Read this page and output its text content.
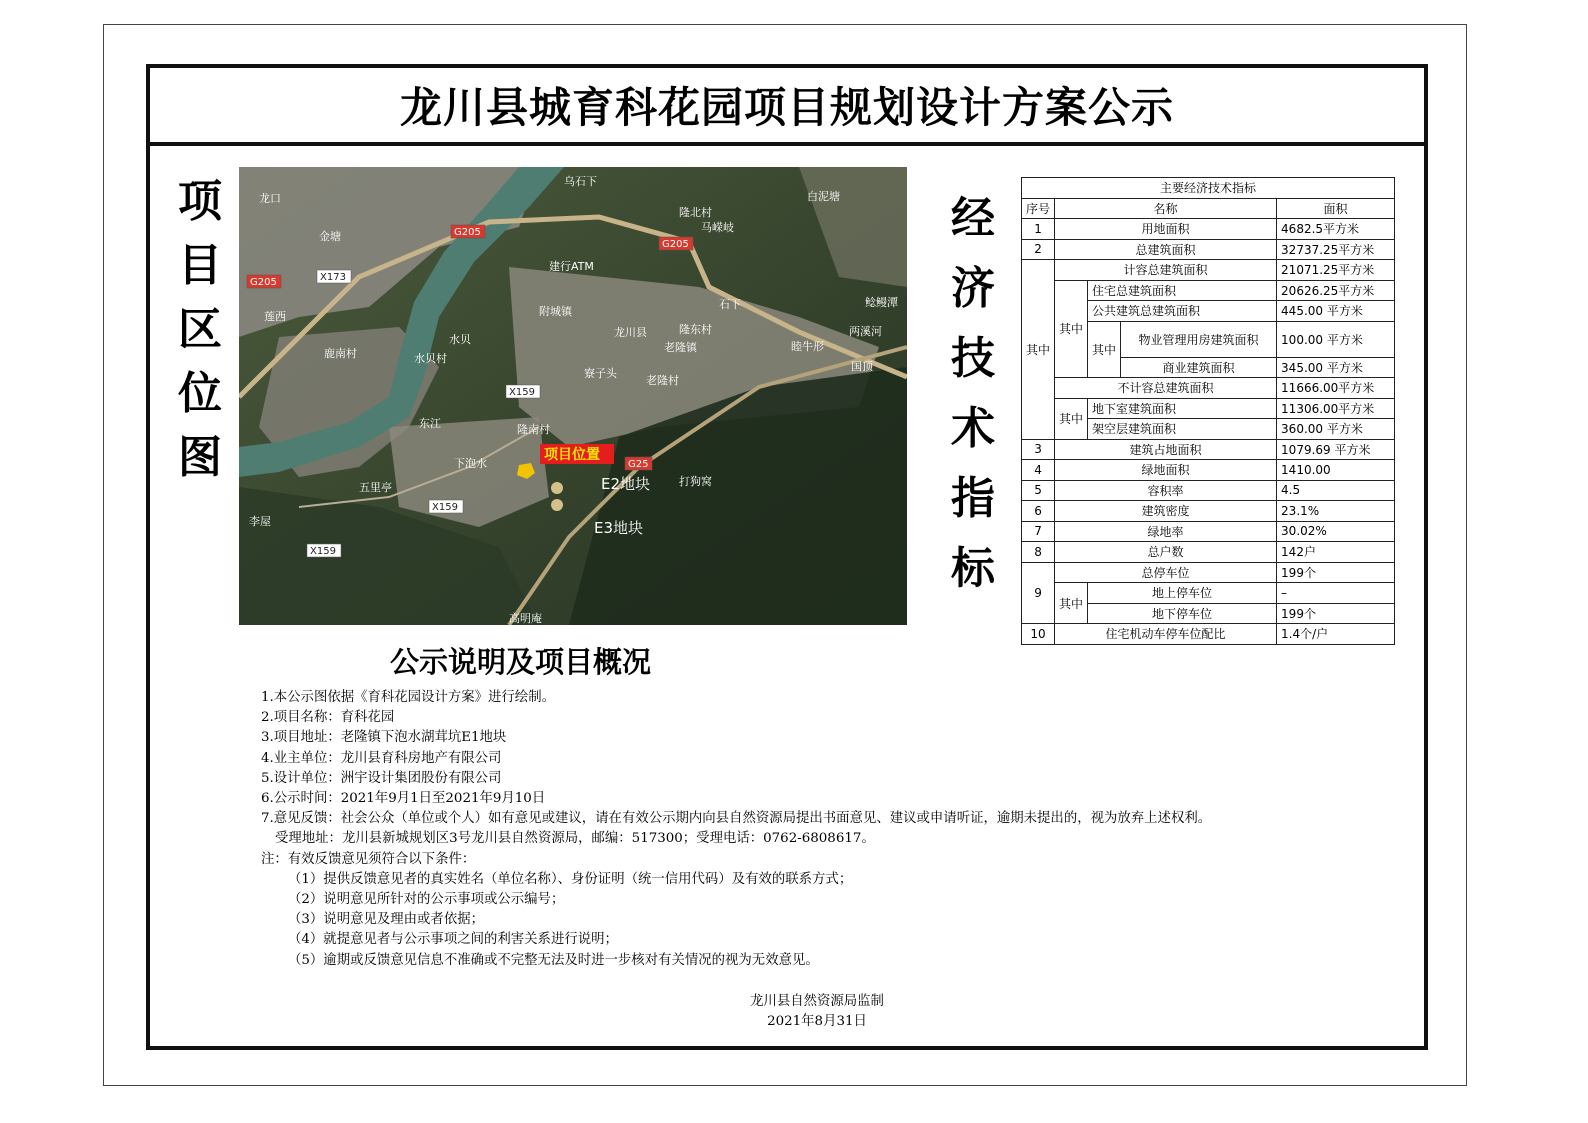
龙川县城育科花园项目规划设计方案公示
项
目
区
位
图
G205
G205
G205	X173
X159
X159
X159
G25
乌石下
龙口	白泥塘
隆北村
马嵘岐
金塘
建行ATM
石下	鲶鳗潭
莲西	附城镇
龙川县	隆东村	两溪河
水贝
老隆镇
鹿南村	水贝村
寮子头
老隆村
睦牛形
国顶
东江	隆南村
下泡水
五里亭	打狗窝
李屋
高明庵
E2地块
E3地块
项目位置
公示说明及项目概况
1.本公示图依据《育科花园设计方案》进行绘制。
2.项目名称：育科花园
3.项目地址：老隆镇下泡水湖茸坑E1地块
4.业主单位：龙川县育科房地产有限公司
5.设计单位：洲宇设计集团股份有限公司
6.公示时间：2021年9月1日至2021年9月10日
7.意见反馈：社会公众（单位或个人）如有意见或建议，请在有效公示期内向县自然资源局提出书面意见、建议或申请听证，逾期未提出的，视为放弃上述权利。
受理地址：龙川县新城规划区3号龙川县自然资源局，邮编：517300；受理电话：0762-6808617。
注：有效反馈意见须符合以下条件：
（1）提供反馈意见者的真实姓名（单位名称）、身份证明（统一信用代码）及有效的联系方式；
（2）说明意见所针对的公示事项或公示编号；
（3）说明意见及理由或者依据；
（4）就提意见者与公示事项之间的利害关系进行说明；
（5）逾期或反馈意见信息不准确或不完整无法及时进一步核对有关情况的视为无效意见。
龙川县自然资源局监制
2021年8月31日
经
济
技
术
指
标
主要经济技术指标				
序号	名称			面积
1	用地面积			4682.5平方米
2	总建筑面积			32737.25平方米
其中	计容总建筑面积			21071.25平方米
	其中	住宅总建筑面积		20626.25平方米
		公共建筑总建筑面积		445.00 平方米
		其中	物业管理用房建筑面积	100.00 平方米
			商业建筑面积	345.00 平方米
	不计容总建筑面积			11666.00平方米
	其中	地下室建筑面积		11306.00平方米
		架空层建筑面积		360.00 平方米
3	建筑占地面积			1079.69 平方米
4	绿地面积			1410.00
5	容积率			4.5
6	建筑密度			23.1%
7	绿地率			30.02%
8	总户数			142户
9	总停车位			199个
	其中	地上停车位		–
		地下停车位		199个
10	住宅机动车停车位配比			1.4个/户
